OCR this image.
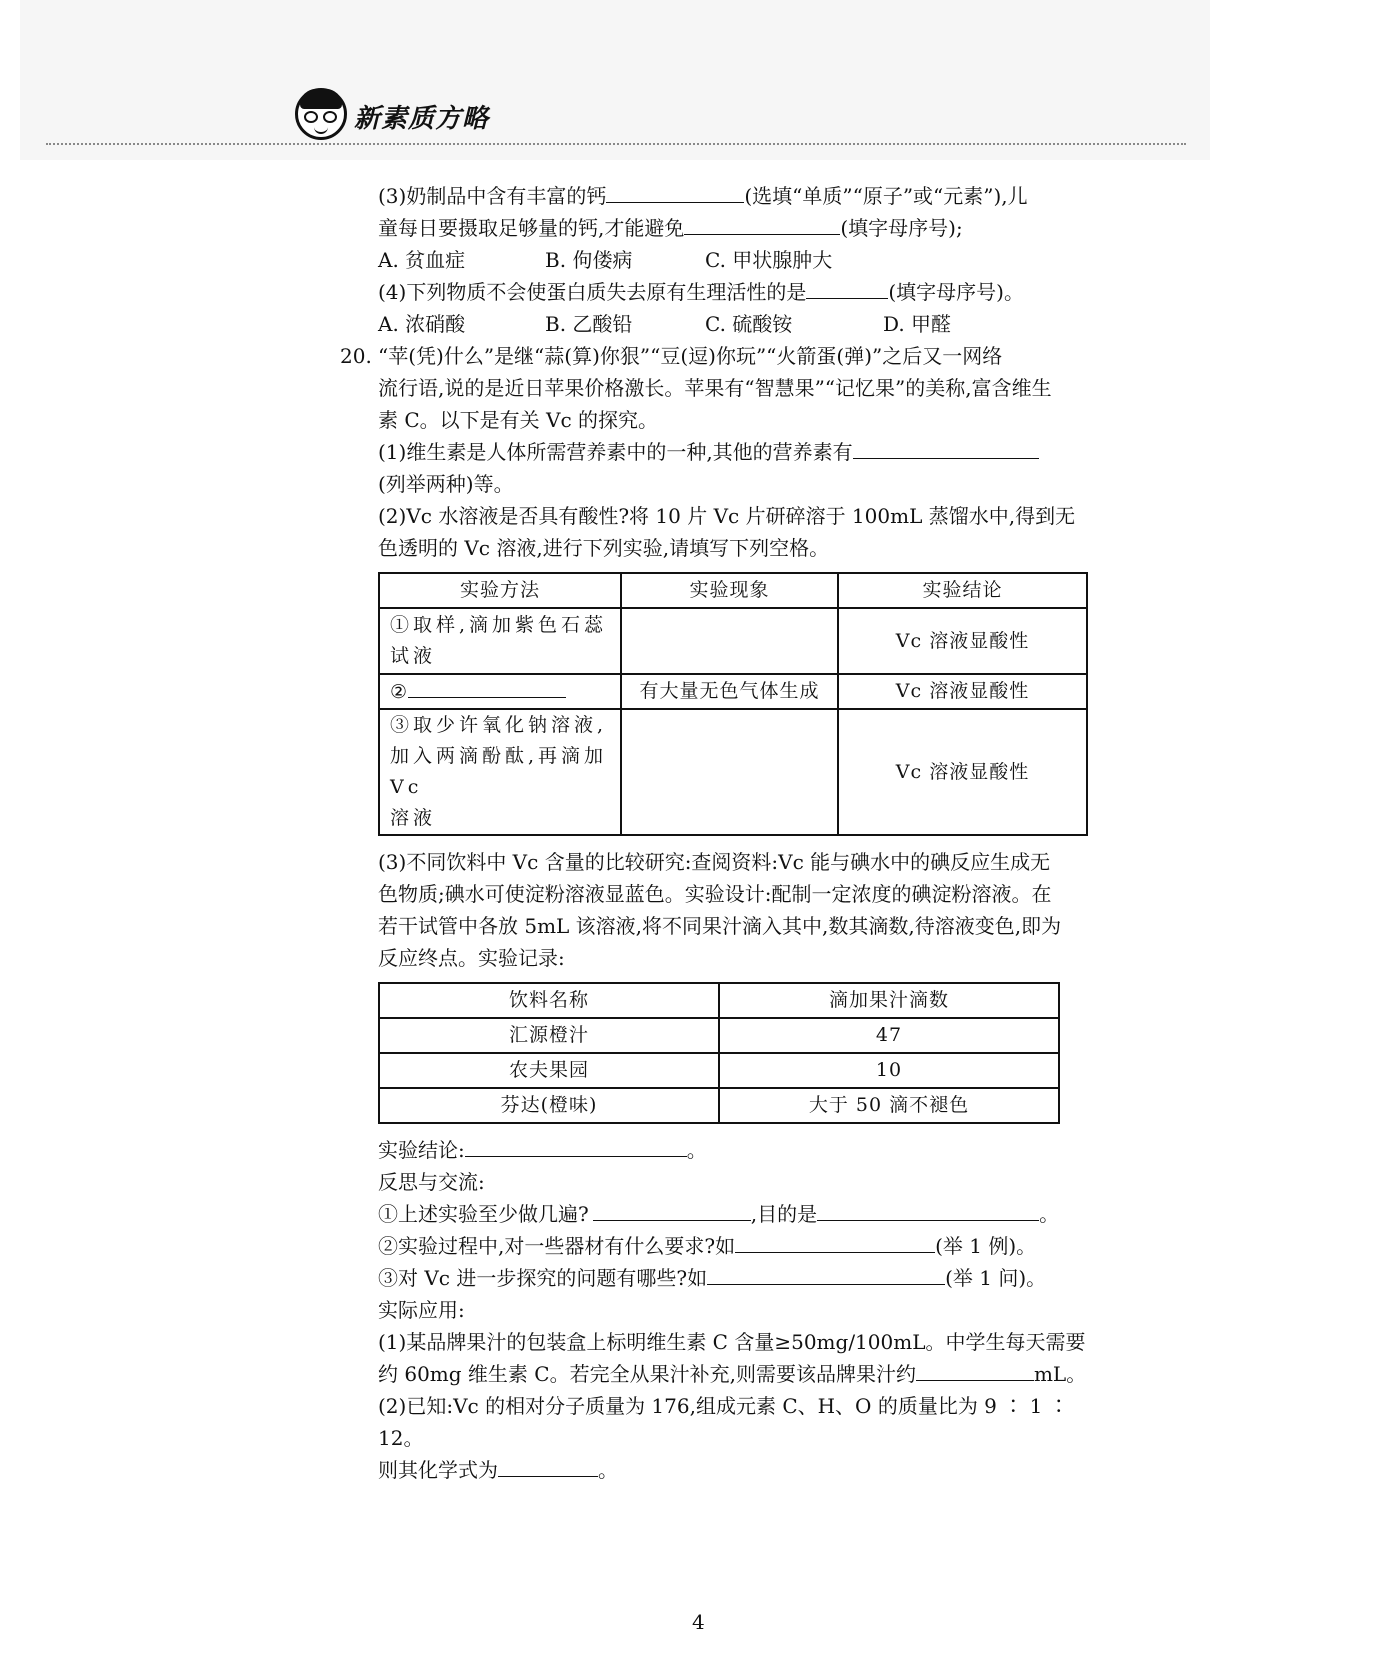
新素质方略

(3)奶制品中含有丰富的钙	(选填“单质”“原子”或“元素”),儿

童每日要摄取足够量的钙,才能避免	(填字母序号);

A. 贫血症	B. 佝偻病	C. 甲状腺肿大

(4)下列物质不会使蛋白质失去原有生理活性的是	(填字母序号)。

A. 浓硝酸	B. 乙酸铅	C. 硫酸铵	D. 甲醛

20. “苹(凭)什么”是继“蒜(算)你狠”“豆(逗)你玩”“火箭蛋(弹)”之后又一网络

流行语,说的是近日苹果价格激长。苹果有“智慧果”“记忆果”的美称,富含维生

素 C。以下是有关 Vc 的探究。

(1)维生素是人体所需营养素中的一种,其他的营养素有

(列举两种)等。

(2)Vc 水溶液是否具有酸性?将 10 片 Vc 片研碎溶于 100mL 蒸馏水中,得到无

色透明的 Vc 溶液,进行下列实验,请填写下列空格。

实验方法	实验现象	实验结论

①取样,滴加紫色石蕊
试液		Vc 溶液显酸性
②	有大量无色气体生成	Vc 溶液显酸性

③取少许氧化钠溶液,
加入两滴酚酞,再滴加 Vc
溶液		Vc 溶液显酸性

(3)不同饮料中 Vc 含量的比较研究:查阅资料:Vc 能与碘水中的碘反应生成无

色物质;碘水可使淀粉溶液显蓝色。实验设计:配制一定浓度的碘淀粉溶液。在

若干试管中各放 5mL 该溶液,将不同果汁滴入其中,数其滴数,待溶液变色,即为

反应终点。实验记录:

饮料名称	滴加果汁滴数
汇源橙汁	47
农夫果园	10
芬达(橙味)	大于 50 滴不褪色

实验结论:	。

反思与交流:

①上述实验至少做几遍?	,目的是	。

②实验过程中,对一些器材有什么要求?如	(举 1 例)。

③对 Vc 进一步探究的问题有哪些?如	(举 1 问)。

实际应用:

(1)某品牌果汁的包装盒上标明维生素 C 含量≥50mg/100mL。中学生每天需要

约 60mg 维生素 C。若完全从果汁补充,则需要该品牌果汁约	mL。

(2)已知:Vc 的相对分子质量为 176,组成元素 C、H、O 的质量比为 9 ∶ 1 ∶ 12。

则其化学式为	。

4
